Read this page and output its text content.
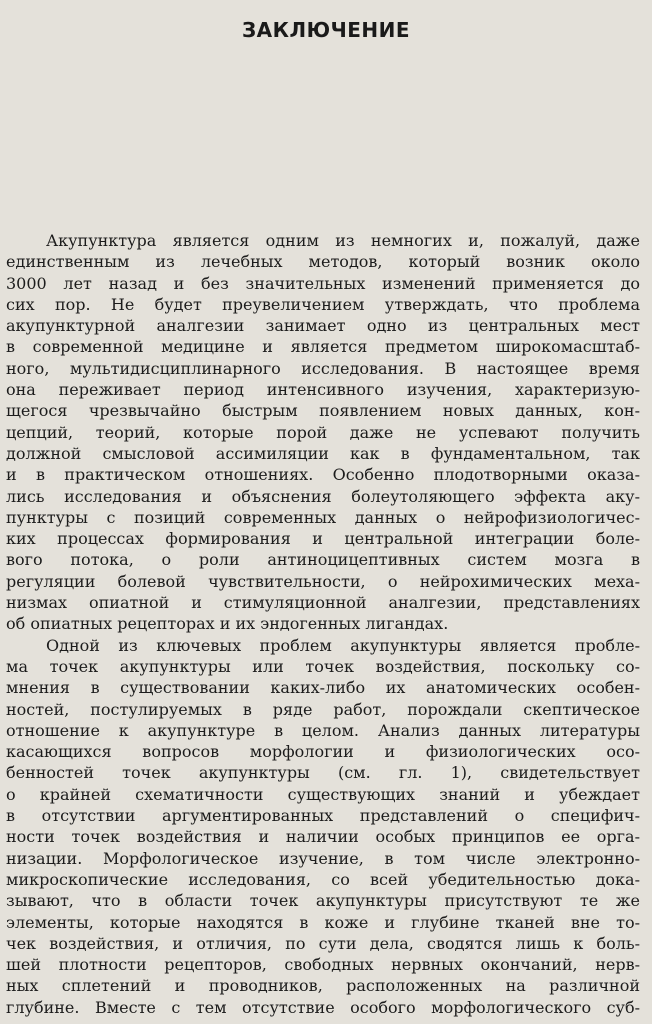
ЗАКЛЮЧЕНИЕ
Акупунктура является одним из немногих и, пожалуй, даже
единственным из лечебных методов, который возник около
3000 лет назад и без значительных изменений применяется до
сих пор. Не будет преувеличением утверждать, что проблема
акупунктурной аналгезии занимает одно из центральных мест
в современной медицине и является предметом широкомасштаб-
ного, мультидисциплинарного исследования. В настоящее время
она переживает период интенсивного изучения, характеризую-
щегося чрезвычайно быстрым появлением новых данных, кон-
цепций, теорий, которые порой даже не успевают получить
должной смысловой ассимиляции как в фундаментальном, так
и в практическом отношениях. Особенно плодотворными оказа-
лись исследования и объяснения болеутоляющего эффекта аку-
пунктуры с позиций современных данных о нейрофизиологичес-
ких процессах формирования и центральной интеграции боле-
вого потока, о роли антиноцицептивных систем мозга в
регуляции болевой чувствительности, о нейрохимических меха-
низмах опиатной и стимуляционной аналгезии, представлениях
об опиатных рецепторах и их эндогенных лигандах.
Одной из ключевых проблем акупунктуры является пробле-
ма точек акупунктуры или точек воздействия, поскольку со-
мнения в существовании каких-либо их анатомических особен-
ностей, постулируемых в ряде работ, порождали скептическое
отношение к акупунктуре в целом. Анализ данных литературы
касающихся вопросов морфологии и физиологических осо-
бенностей точек акупунктуры (см. гл. 1), свидетельствует
о крайней схематичности существующих знаний и убеждает
в отсутствии аргументированных представлений о специфич-
ности точек воздействия и наличии особых принципов ее орга-
низации. Морфологическое изучение, в том числе электронно-
микроскопические исследования, со всей убедительностью дока-
зывают, что в области точек акупунктуры присутствуют те же
элементы, которые находятся в коже и глубине тканей вне то-
чек воздействия, и отличия, по сути дела, сводятся лишь к боль-
шей плотности рецепторов, свободных нервных окончаний, нерв-
ных сплетений и проводников, расположенных на различной
глубине. Вместе с тем отсутствие особого морфологического суб-
